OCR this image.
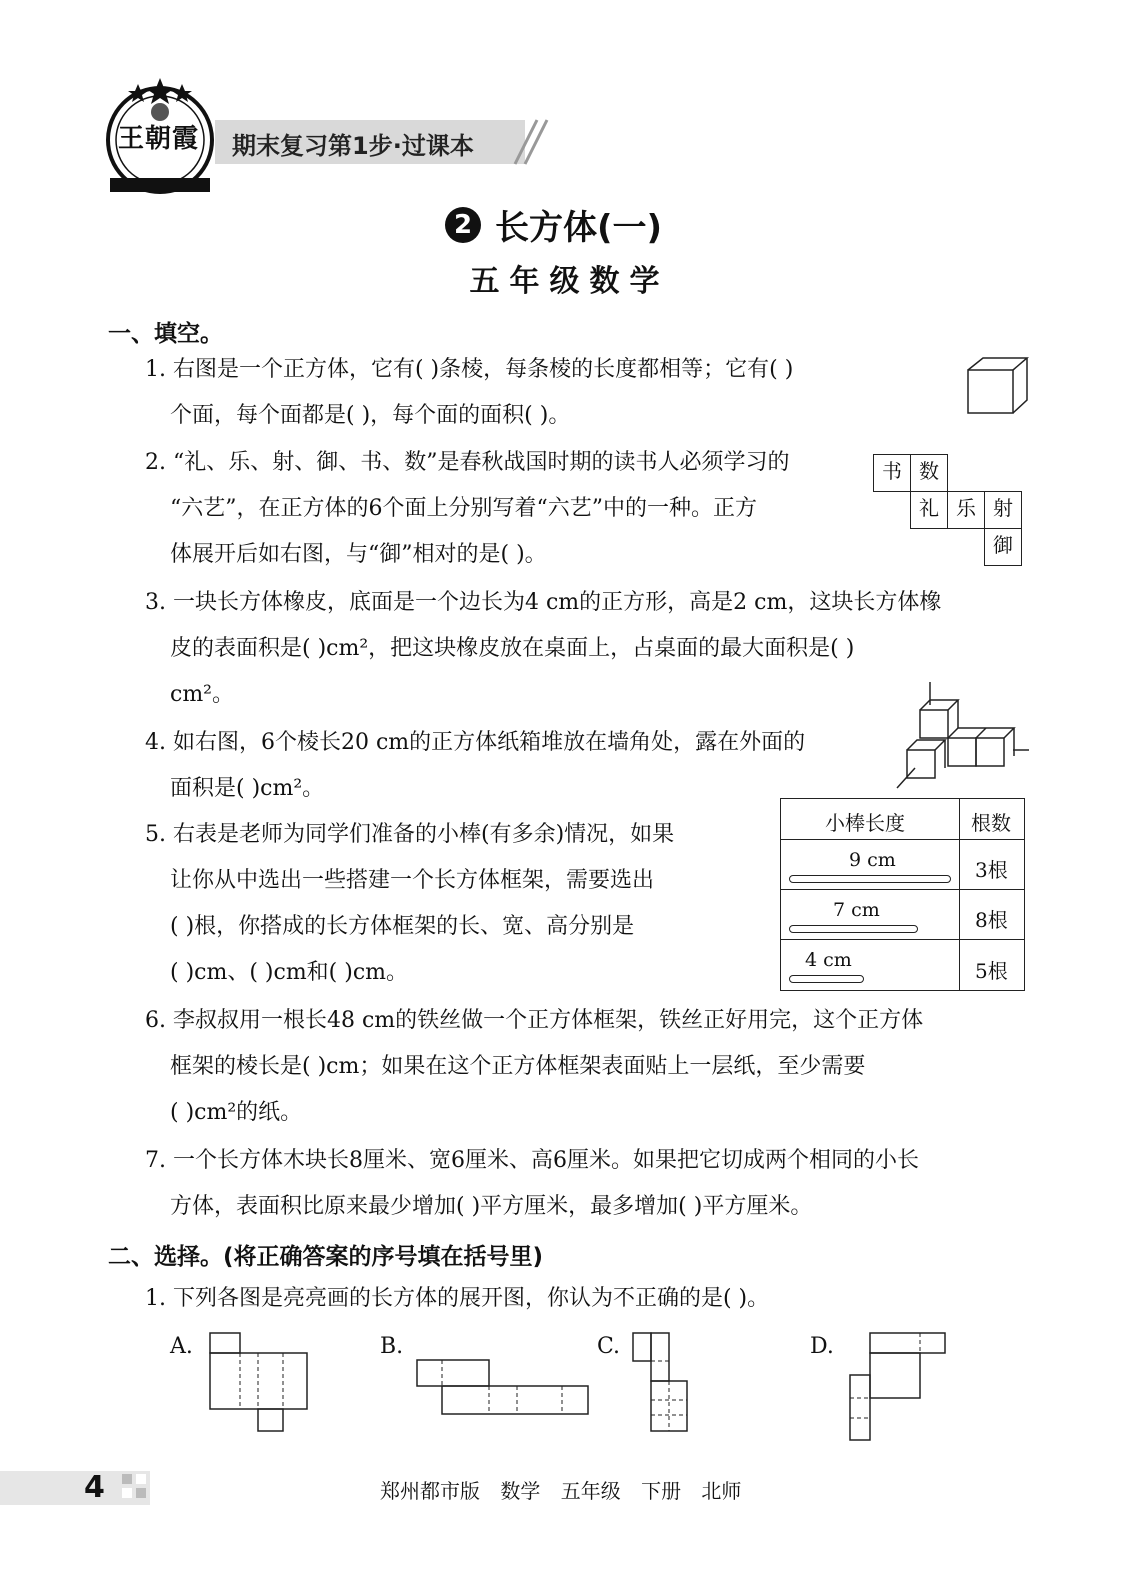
期末复习第1步·过课本
王朝霞
2 长方体(一)
五年级数学
一、填空。
1. 右图是一个正方体，它有( )条棱，每条棱的长度都相等；它有( )
个面，每个面都是( )，每个面的面积( )。
2. “礼、乐、射、御、书、数”是春秋战国时期的读书人必须学习的
“六艺”，在正方体的6个面上分别写着“六艺”中的一种。正方
体展开后如右图，与“御”相对的是( )。
书 数
礼 乐 射
御
3. 一块长方体橡皮，底面是一个边长为4 cm的正方形，高是2 cm，这块长方体橡
皮的表面积是( )cm²，把这块橡皮放在桌面上，占桌面的最大面积是( )
cm²。
4. 如右图，6个棱长20 cm的正方体纸箱堆放在墙角处，露在外面的
面积是( )cm²。
5. 右表是老师为同学们准备的小棒(有多余)情况，如果
让你从中选出一些搭建一个长方体框架，需要选出
( )根，你搭成的长方体框架的长、宽、高分别是
( )cm、( )cm和( )cm。
小棒长度	根数
9 cm	3根
7 cm	8根
4 cm	5根
6. 李叔叔用一根长48 cm的铁丝做一个正方体框架，铁丝正好用完，这个正方体
框架的棱长是( )cm；如果在这个正方体框架表面贴上一层纸，至少需要
( )cm²的纸。
7. 一个长方体木块长8厘米、宽6厘米、高6厘米。如果把它切成两个相同的小长
方体，表面积比原来最少增加( )平方厘米，最多增加( )平方厘米。
二、选择。(将正确答案的序号填在括号里)
1. 下列各图是亮亮画的长方体的展开图，你认为不正确的是( )。
A.	B.	C.	D.
4	郑州都市版 数学 五年级 下册 北师
